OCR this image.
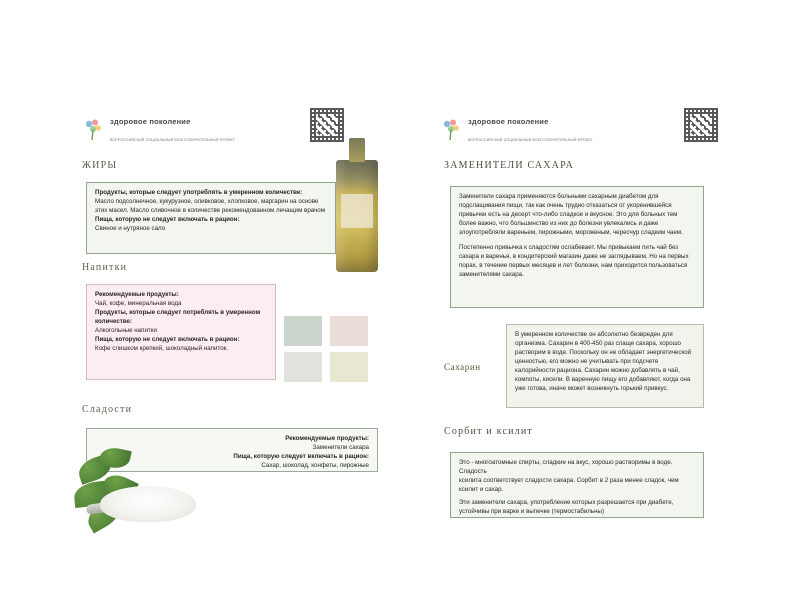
здоровое поколение
ВСЕРОССИЙСКИЙ СОЦИАЛЬНЫЙ БЛАГОТВОРИТЕЛЬНЫЙ ПРОЕКТ
ЖИРЫ

Продукты, которые следует употреблять в умеренном количестве:

Масло подсолнечное, кукурузное, оливковое, хлопковое, маргарин на основе этих масел. Масло сливочное в количестве рекомендованном лечащим врачом

Пища, которую не следует включать в рацион:

Свиное и нутряное сало

Напитки

Рекомендуемые продукты:

Чай, кофе, минеральная вода

Продукты, которые следует потреблять в умеренном количестве:

Алкогольные напитки

Пища, которую не следует включать в рацион:

Кофе слишком крепкий, шоколадный напиток.

Сладости

Рекомендуемые продукты:

Заменители сахара

Пища, которую следует включать в рацион:

Сахар, шоколад, конфеты, пирожные

здоровое поколение
ВСЕРОССИЙСКИЙ СОЦИАЛЬНЫЙ БЛАГОТВОРИТЕЛЬНЫЙ ПРОЕКТ
ЗАМЕНИТЕЛИ САХАРА

Заменители сахара применяются больными сахарным диабетом для подслащивания пищи, так как очень трудно отказаться от укоренившейся привычки есть на десерт что-либо сладкое и вкусное. Это для больных тем более важно, что большинство из них до болезни увлекались и даже злоупотребляли вареньем, пирожными, мороженым, чересчур сладким чаем.

Постепенно привычка к сладостям ослабевает. Мы привыкаем пить чай без сахара и варенья, в кондитерский магазин даже не заглядываем. Но на первых порах, в течение первых месяцев и лет болезни, нам приходится пользоваться заменителями сахара.

Сахарин

В умеренном количестве он абсолютно безвреден для организма. Сахарин в 400-450 раз слаще сахара, хорошо растворим в воде. Поскольку он не обладает энергетической ценностью, его можно не учитывать при подсчете калорийности рациона. Сахарин можно добавлять в чай, компоты, кисели. В варенную пищу его добавляют, когда она уже готова, иначе может возникнуть горький привкус.

Сорбит и ксилит

Это - многоатомные спирты, сладкие на вкус, хорошо растворимы в воде. Сладость

ксилита соответствует сладости сахара. Сорбит в 2 раза менее сладок, чем ксилит и сахар.

Эти заменители сахара, употребление которых разрешается при диабете, устойчивы при варке и выпечке (термостабильны)
